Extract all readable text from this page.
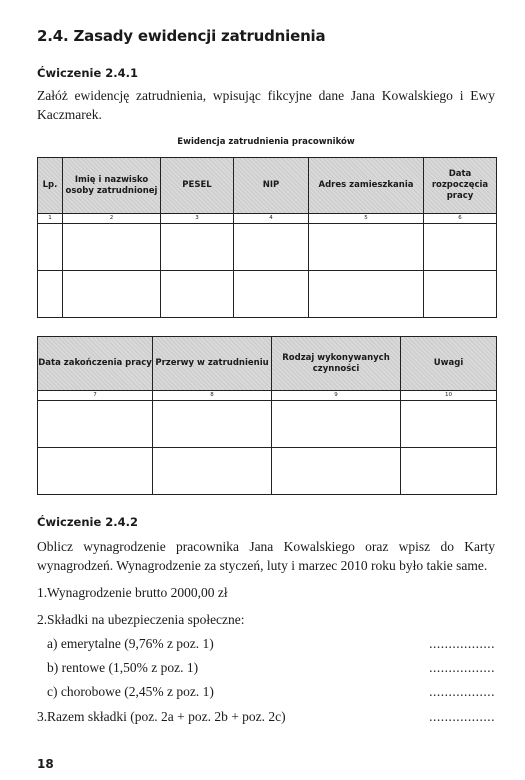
2.4. Zasady ewidencji zatrudnienia

Ćwiczenie 2.4.1

Załóż ewidencję zatrudnienia, wpisując fikcyjne dane Jana Kowalskiego i Ewy Kaczmarek.

Ewidencja zatrudnienia pracowników

Lp.	Imię i nazwisko osoby zatrudnionej	PESEL	NIP	Adres zamieszkania	Data rozpoczęcia pracy
1	2	3	4	5	6

Data zakończenia pracy	Przerwy w zatrudnieniu	Rodzaj wykonywanych czynności	Uwagi
7	8	9	10

Ćwiczenie 2.4.2

Oblicz wynagrodzenie pracownika Jana Kowalskiego oraz wpisz do Karty wynagrodzeń. Wynagrodzenie za styczeń, luty i marzec 2010 roku było takie same.

1.Wynagrodzenie brutto 2000,00 zł

2.Składki na ubezpieczenia społeczne:

a) emerytalne (9,76% z poz. 1)	.................

b) rentowe (1,50% z poz. 1)	.................

c) chorobowe (2,45% z poz. 1)	.................

3.Razem składki (poz. 2a + poz. 2b + poz. 2c)	.................

18
